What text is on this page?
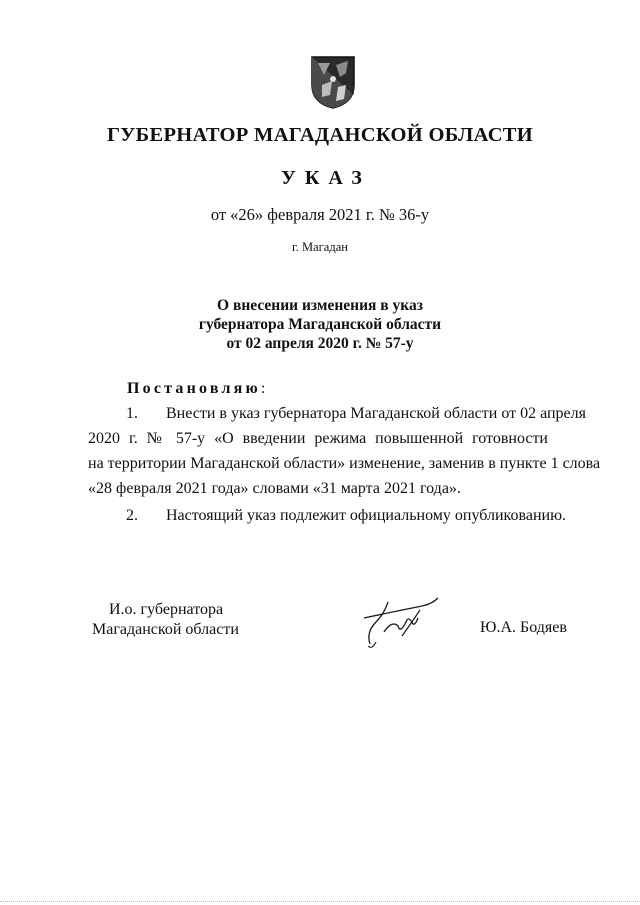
ГУБЕРНАТОР МАГАДАНСКОЙ ОБЛАСТИ
УКАЗ
от «26» февраля 2021 г. № 36-у
г. Магадан
О внесении изменения в указ
губернатора Магаданской области
от 02 апреля 2020 г. № 57-у
Постановляю:
1. Внести в указ губернатора Магаданской области от 02 апреля
2020 г. № 57-у «О введении режима повышенной готовности
на территории Магаданской области» изменение, заменив в пункте 1 слова
«28 февраля 2021 года» словами «31 марта 2021 года».
2. Настоящий указ подлежит официальному опубликованию.
И.о. губернатора
Магаданской области	Ю.А. Бодяев
